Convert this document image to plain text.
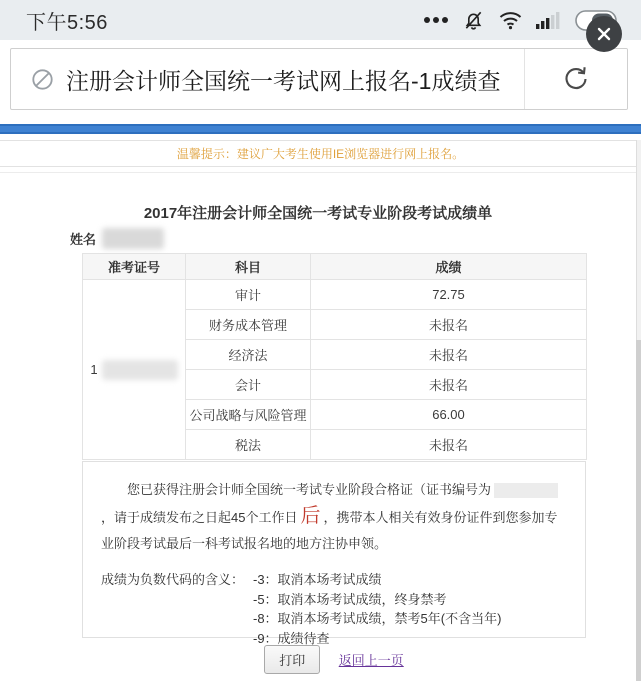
下午5:56
注册会计师全国统一考试网上报名-1成绩查
温馨提示：建议广大考生使用IE浏览器进行网上报名。
2017年注册会计师全国统一考试专业阶段考试成绩单
姓名
准考证号	科目	成绩

1	审计	72.75
	财务成本管理	未报名
	经济法	未报名
	会计	未报名
	公司战略与风险管理	66.00
	税法	未报名

您已获得注册会计师全国统一考试专业阶段合格证（证书编号为，请于成绩发布之日起45个工作日 后 ，携带本人相关有效身份证件到您参加专业阶段考试最后一科考试报名地的地方注协申领。

成绩为负数代码的含义： -3：取消本场考试成绩
-5：取消本场考试成绩，终身禁考
-8：取消本场考试成绩，禁考5年(不含当年)
-9：成绩待查
打印	返回上一页
